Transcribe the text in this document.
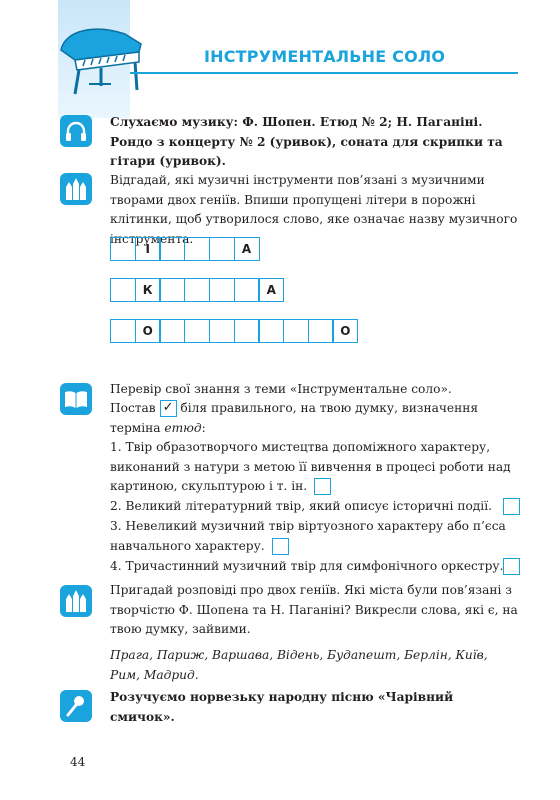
ІНСТРУМЕНТАЛЬНЕ СОЛО
Слухаємо музику: Ф. Шопен. Етюд № 2; Н. Паганіні. Рондо з концерту № 2 (уривок), соната для скрипки та гітари (уривок).
Відгадай, які музичні інструменти пов’язані з музичними творами двох геніїв. Впиши пропущені літери в порожні клітинки, щоб утворилося слово, яке означає назву музичного інструмента.
І	А
К	А
О	О
Перевір свої знання з теми «Інструментальне соло».
Постав ✓ біля правильного, на твою думку, визначення терміна етюд:
1. Твір образотворчого мистецтва допоміжного характеру, виконаний з натури з метою її вивчення в процесі роботи над картиною, скульптурою і т. ін.
2. Великий літературний твір, який описує історичні події.
3. Невеликий музичний твір віртуозного характеру або п’єса навчального характеру.
4. Тричастинний музичний твір для симфонічного оркестру.
Пригадай розповіді про двох геніїв. Які міста були пов’язані з творчістю Ф. Шопена та Н. Паганіні? Викресли слова, які є, на твою думку, зайвими.
Прага, Париж, Варшава, Відень, Будапешт, Берлін, Київ, Рим, Мадрид.
Розучуємо норвезьку народну пісню «Чарівний смичок».
44
